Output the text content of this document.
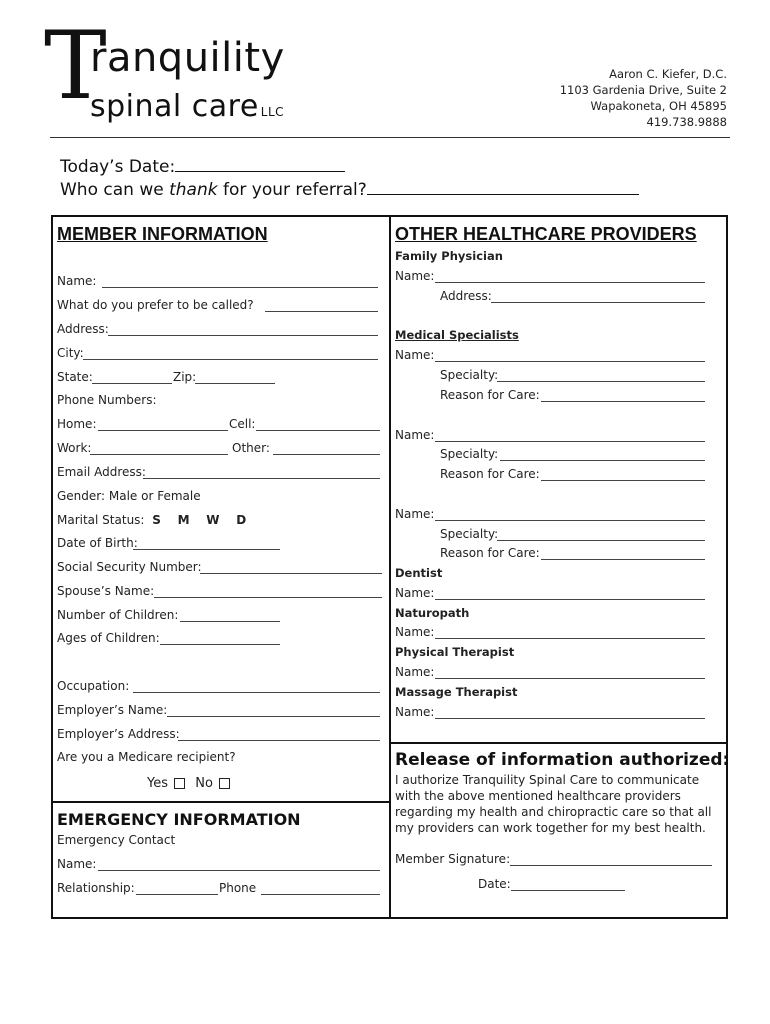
T
ranquility
spinal care LLC
Aaron C. Kiefer, D.C.
1103 Gardenia Drive, Suite 2
Wapakoneta, OH 45895
419.738.9888
Today’s Date:
Who can we thank for your referral?
MEMBER INFORMATION
Name:
What do you prefer to be called?
Address:
City:
State:	Zip:
Phone Numbers:
Home:	Cell:
Work:	Other:
Email Address:
Gender: Male or Female
Marital Status: S    M    W    D
Date of Birth:
Social Security Number:
Spouse’s Name:
Number of Children:
Ages of Children:
Occupation:
Employer’s Name:
Employer’s Address:
Are you a Medicare recipient?
Yes No
EMERGENCY INFORMATION
Emergency Contact
Name:
Relationship:	Phone
OTHER HEALTHCARE PROVIDERS
Family Physician
Name:
Address:
Medical Specialists
Name:
Specialty:
Reason for Care:
Name:
Specialty:
Reason for Care:
Name:
Specialty:
Reason for Care:
Dentist
Name:
Naturopath
Name:
Physical Therapist
Name:
Massage Therapist
Name:
Release of information authorized:
I authorize Tranquility Spinal Care to communicate with the above mentioned healthcare providers regarding my health and chiropractic care so that all my providers can work together for my best health.
Member Signature:
Date:
